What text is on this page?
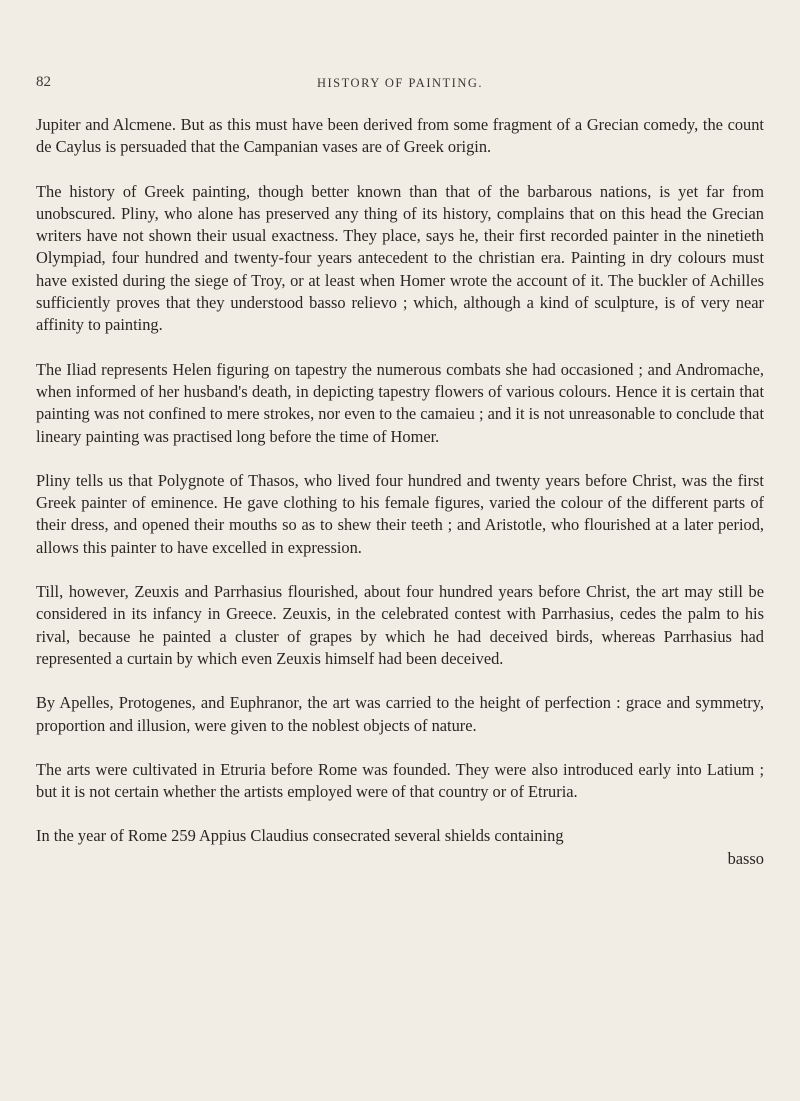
82	HISTORY OF PAINTING.

Jupiter and Alcmene. But as this must have been derived from some fragment of a Grecian comedy, the count de Caylus is persuaded that the Campanian vases are of Greek origin.

The history of Greek painting, though better known than that of the barbarous nations, is yet far from unobscured. Pliny, who alone has preserved any thing of its history, complains that on this head the Grecian writers have not shown their usual exactness. They place, says he, their first recorded painter in the ninetieth Olympiad, four hundred and twenty-four years antecedent to the christian era. Painting in dry colours must have existed during the siege of Troy, or at least when Homer wrote the account of it. The buckler of Achilles sufficiently proves that they understood basso relievo ; which, although a kind of sculpture, is of very near affinity to painting.

The Iliad represents Helen figuring on tapestry the numerous combats she had occasioned ; and Andromache, when informed of her husband's death, in depicting tapestry flowers of various colours. Hence it is certain that painting was not confined to mere strokes, nor even to the camaieu ; and it is not unreasonable to conclude that lineary painting was practised long before the time of Homer.

Pliny tells us that Polygnote of Thasos, who lived four hundred and twenty years before Christ, was the first Greek painter of eminence. He gave clothing to his female figures, varied the colour of the different parts of their dress, and opened their mouths so as to shew their teeth ; and Aristotle, who flourished at a later period, allows this painter to have excelled in expression.

Till, however, Zeuxis and Parrhasius flourished, about four hundred years before Christ, the art may still be considered in its infancy in Greece. Zeuxis, in the celebrated contest with Parrhasius, cedes the palm to his rival, because he painted a cluster of grapes by which he had deceived birds, whereas Parrhasius had represented a curtain by which even Zeuxis himself had been deceived.

By Apelles, Protogenes, and Euphranor, the art was carried to the height of perfection : grace and symmetry, proportion and illusion, were given to the noblest objects of nature.

The arts were cultivated in Etruria before Rome was founded. They were also introduced early into Latium ; but it is not certain whether the artists employed were of that country or of Etruria.

In the year of Rome 259 Appius Claudius consecrated several shields containing

basso
